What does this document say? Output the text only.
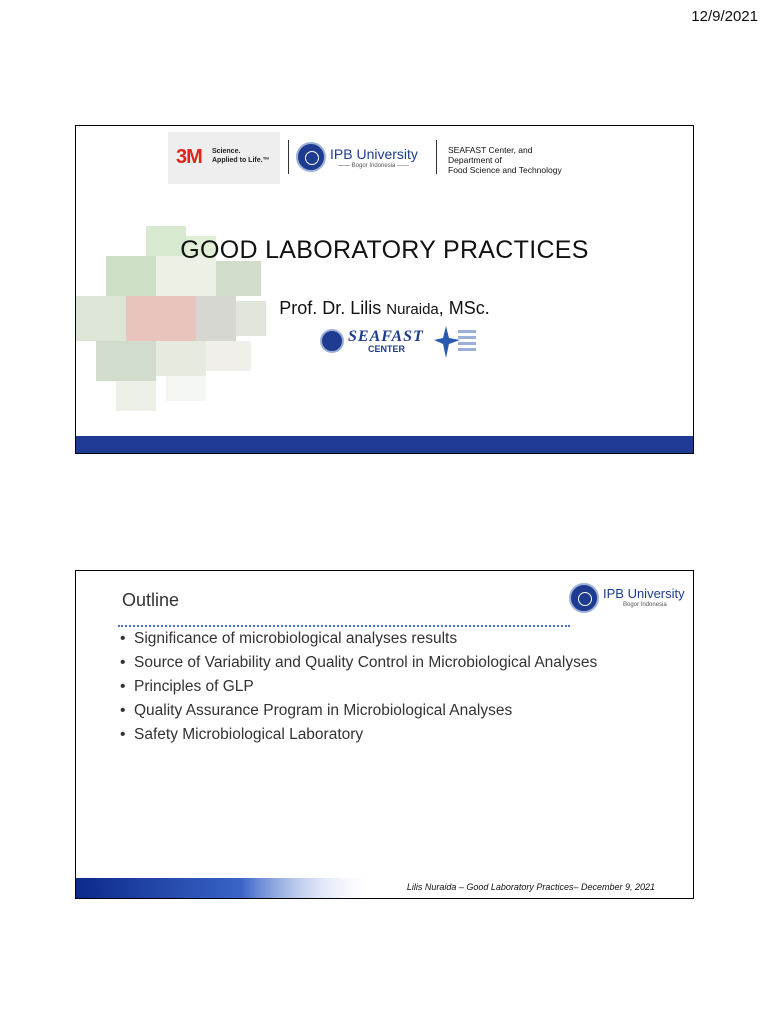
12/9/2021
3M Science.
Applied to Life.™	IPB University
—— Bogor Indonesia ——
SEAFAST Center, and
Department of
Food Science and Technology
GOOD LABORATORY PRACTICES
Prof. Dr. Lilis Nuraida, MSc.
SEAFAST
CENTER
Outline	IPB University
Bogor Indonesia
• Significance of microbiological analyses results
• Source of Variability and Quality Control in Microbiological Analyses
• Principles of GLP
• Quality Assurance Program in Microbiological Analyses
• Safety Microbiological Laboratory
Lilis Nuraida – Good Laboratory Practices– December 9, 2021
